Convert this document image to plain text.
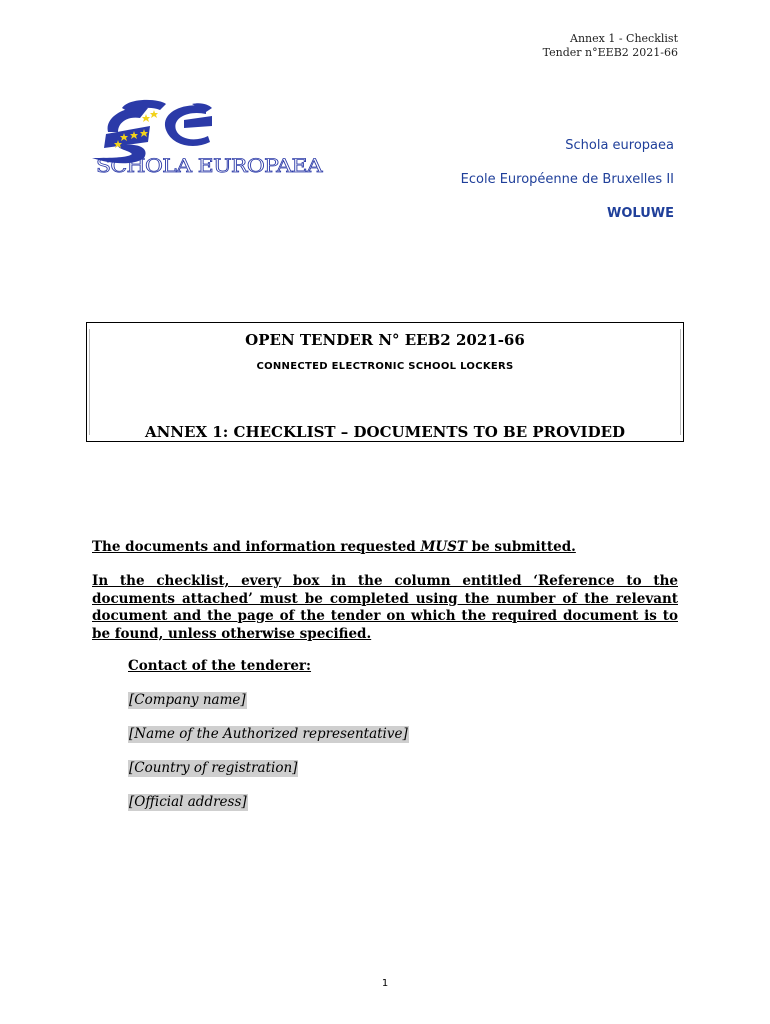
Annex 1 - Checklist
Tender n°EEB2 2021-66
SCHOLA EUROPAEA
Schola europaea
Ecole Européenne de Bruxelles II
WOLUWE
OPEN TENDER N° EEB2 2021-66
CONNECTED ELECTRONIC SCHOOL LOCKERS
ANNEX 1: CHECKLIST – DOCUMENTS TO BE PROVIDED
The documents and information requested MUST be submitted.
In the checklist, every box in the column entitled ‘Reference to the documents attached’ must be completed using the number of the relevant document and the page of the tender on which the required document is to be found, unless otherwise specified.
Contact of the tenderer:
[Company name]
[Name of the Authorized representative]
[Country of registration]
[Official address]
1
